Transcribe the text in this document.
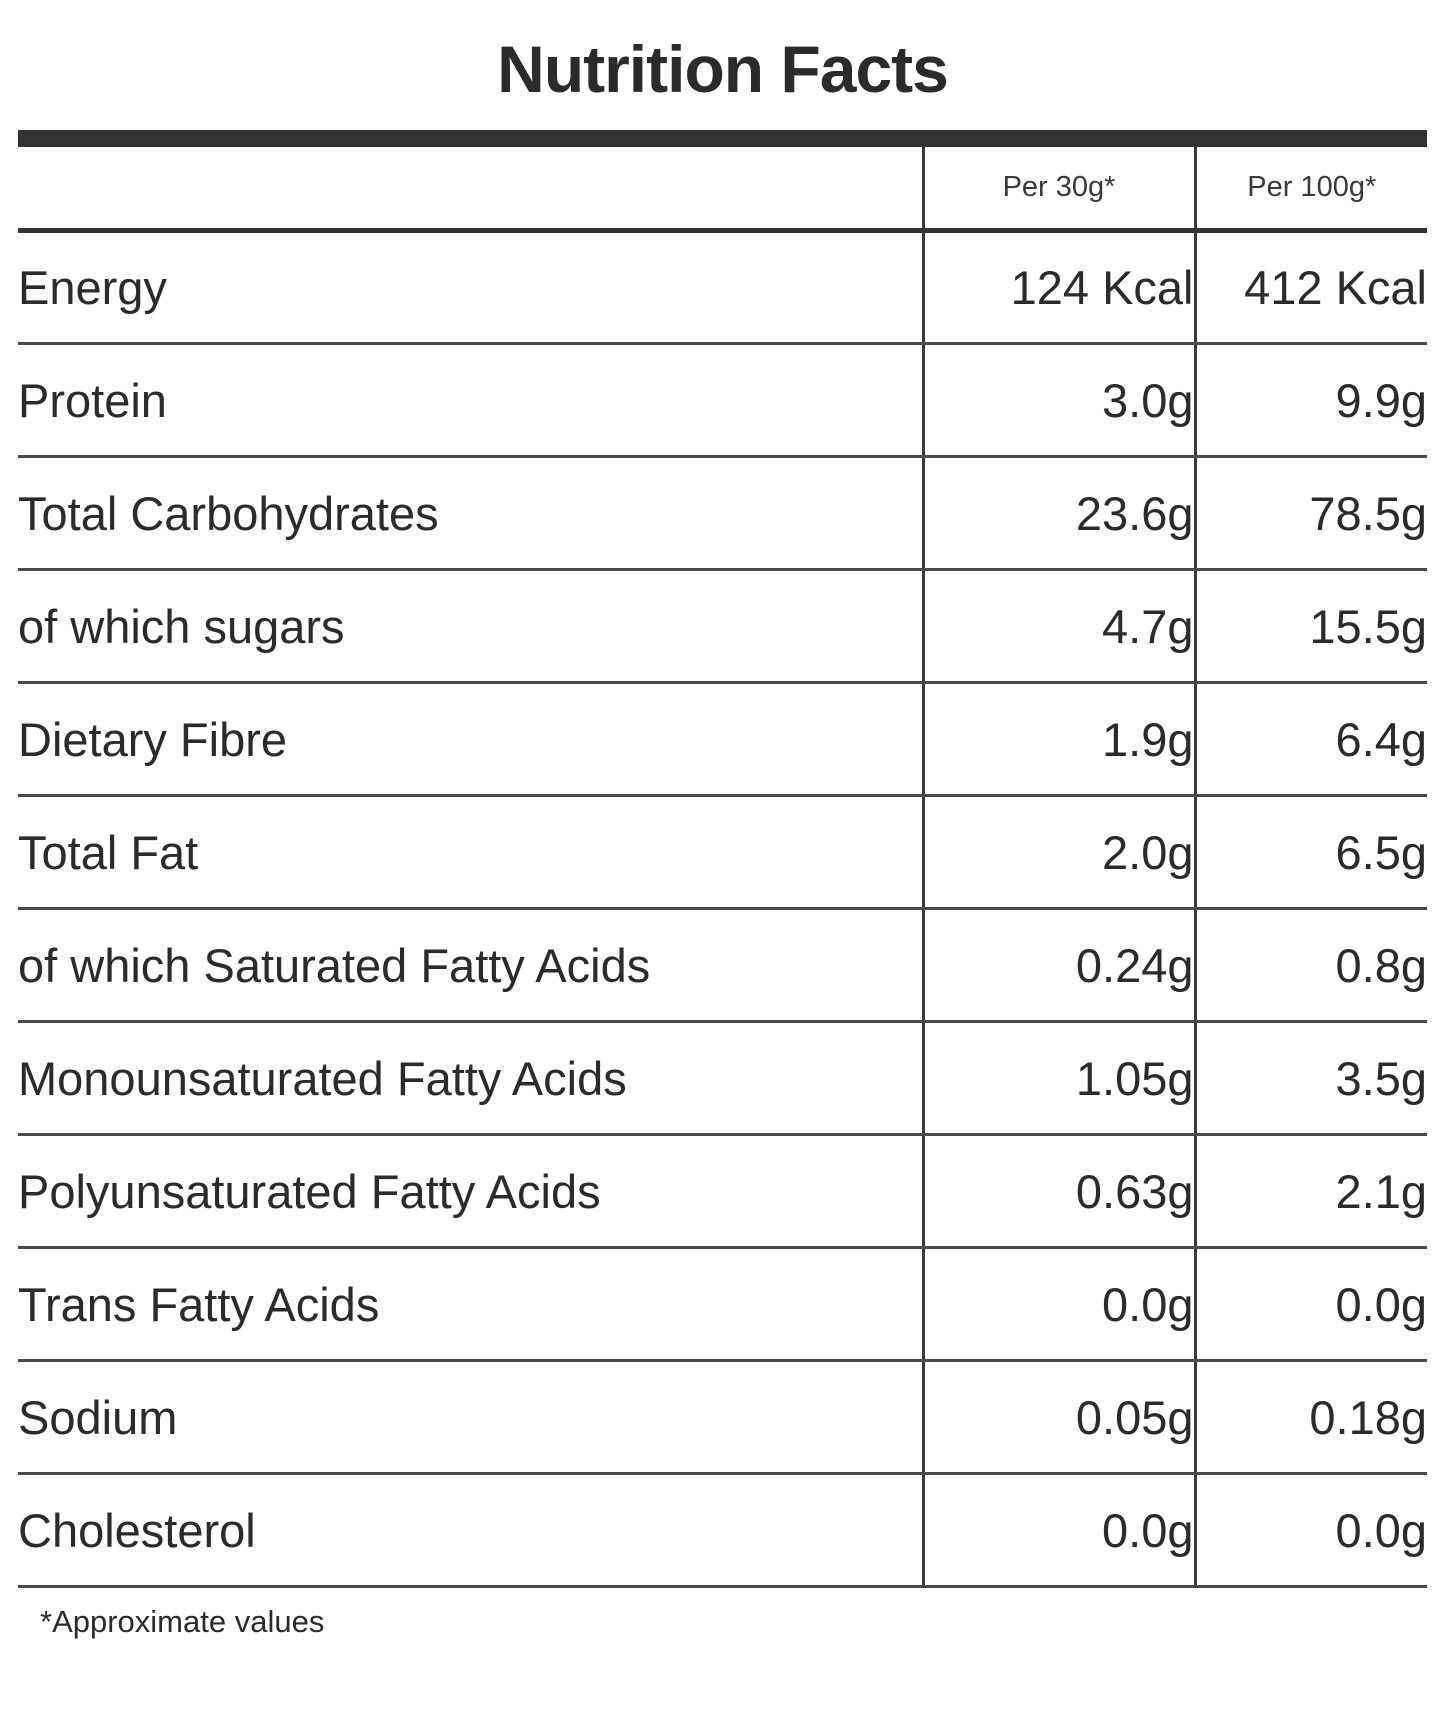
Nutrition Facts
	Per 30g*	Per 100g*
Energy	124 Kcal	412 Kcal
Protein	3.0g	9.9g
Total Carbohydrates	23.6g	78.5g
of which sugars	4.7g	15.5g
Dietary Fibre	1.9g	6.4g
Total Fat	2.0g	6.5g
of which Saturated Fatty Acids	0.24g	0.8g
Monounsaturated Fatty Acids	1.05g	3.5g
Polyunsaturated Fatty Acids	0.63g	2.1g
Trans Fatty Acids	0.0g	0.0g
Sodium	0.05g	0.18g
Cholesterol	0.0g	0.0g
*Approximate values
